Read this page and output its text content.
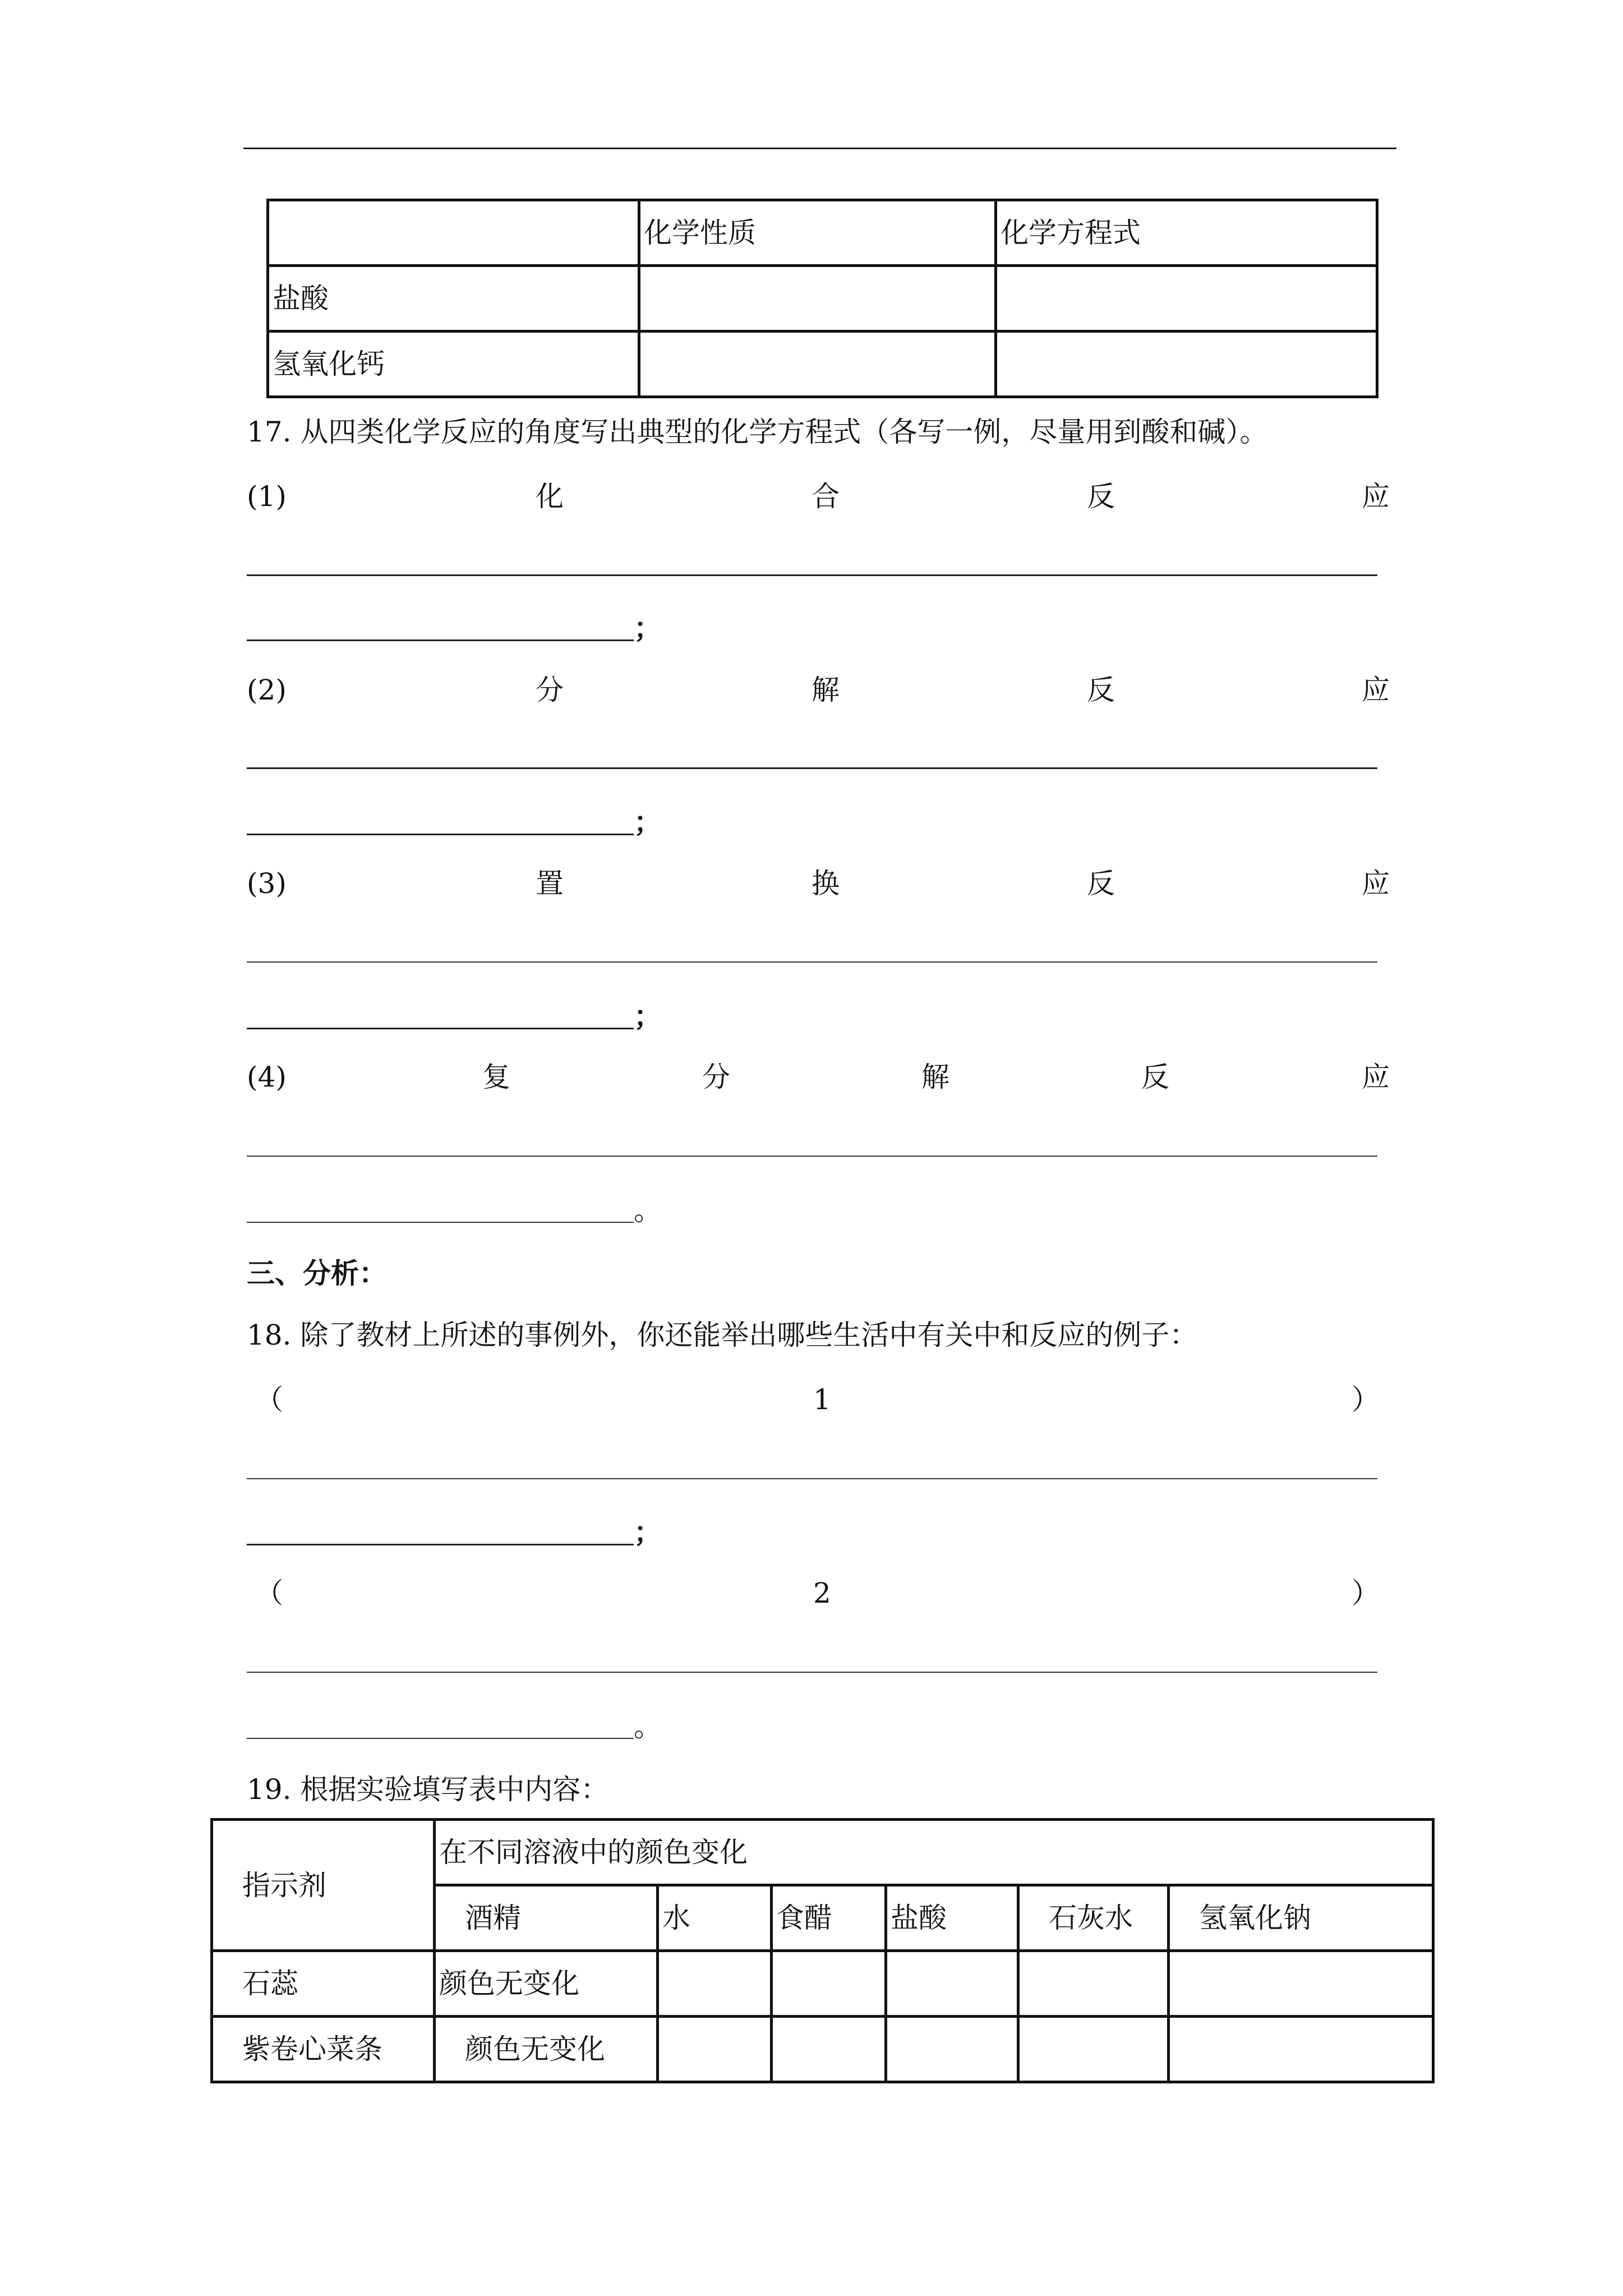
	化学性质	化学方程式
盐酸		
氢氧化钙		
17. 从四类化学反应的角度写出典型的化学方程式（各写一例，尽量用到酸和碱）。
(1)	化	合	反	应
；
(2)	分	解	反	应
；
(3)	置	换	反	应
；
(4)	复	分	解	反	应
。
三、分析：
18. 除了教材上所述的事例外，你还能举出哪些生活中有关中和反应的例子：
（	1	）
；
（	2	）
。
19. 根据实验填写表中内容：
指示剂	在不同溶液中的颜色变化					
	酒精	水	食醋	盐酸	石灰水	氢氧化钠
石蕊	颜色无变化					
紫卷心菜条	颜色无变化					
